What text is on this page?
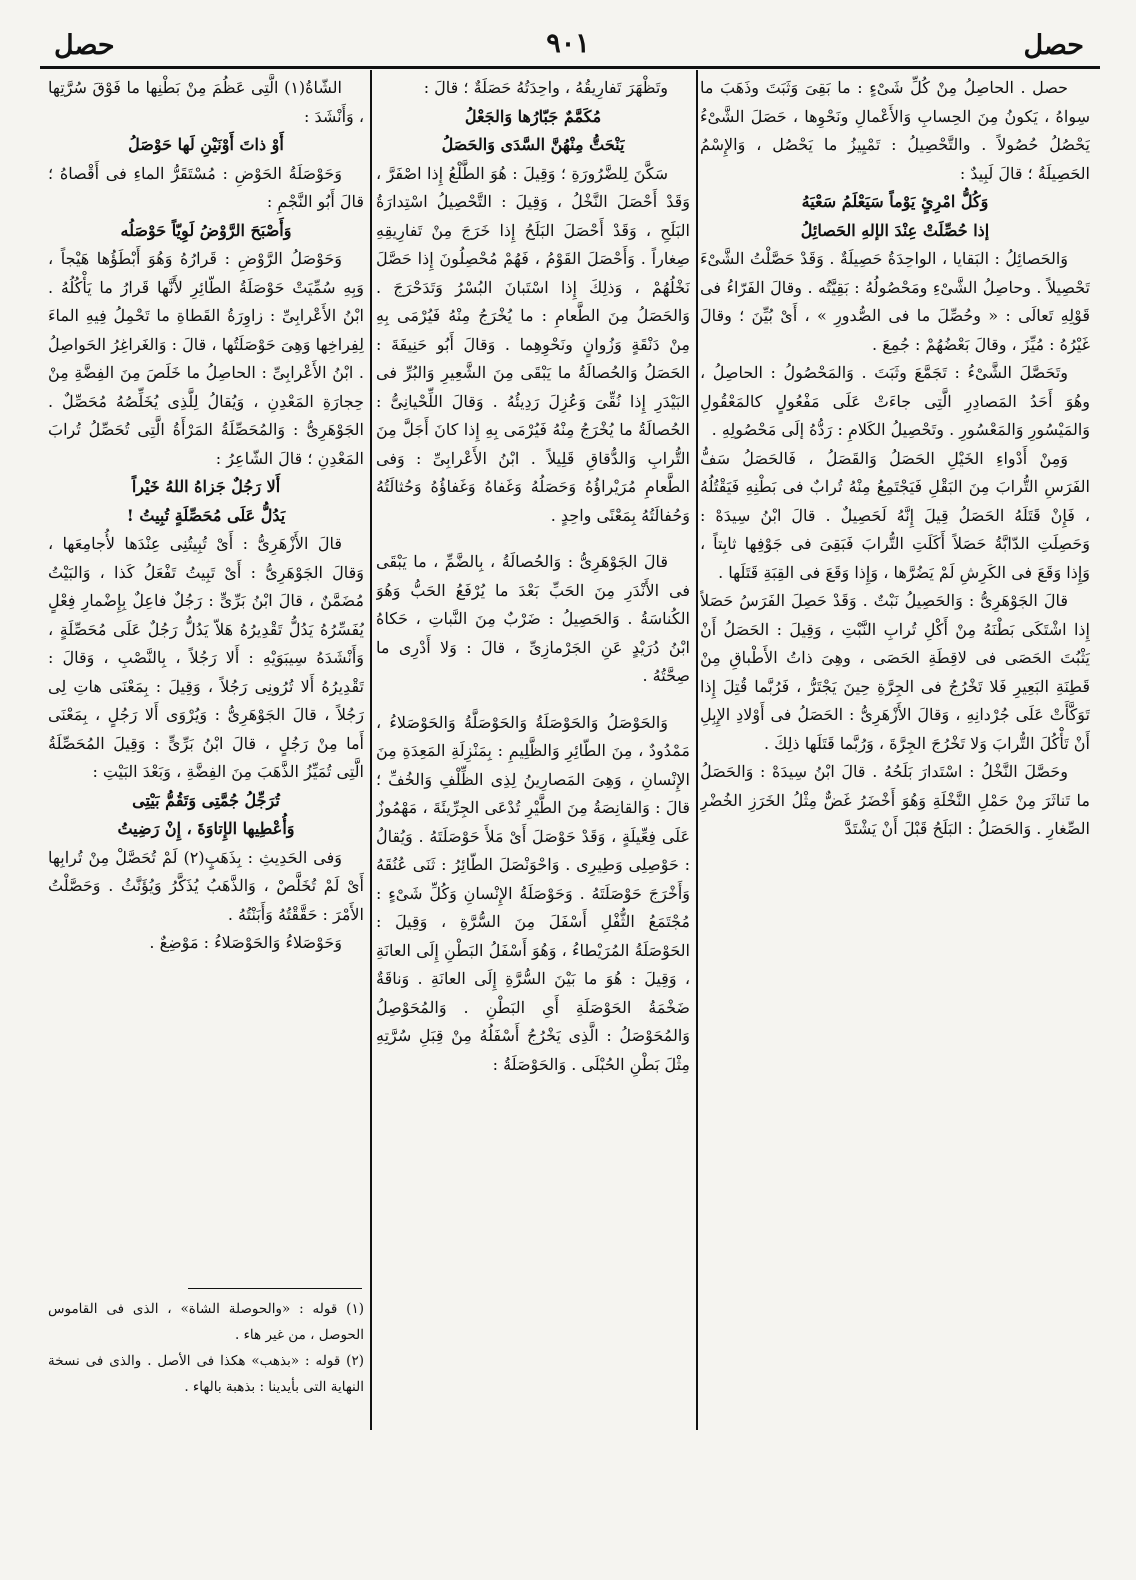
حصل
٩٠١
حصل

حصل . الحاصِلُ مِنْ كُلِّ شَىْءٍ : ما بَقِىَ وَثَبَتَ وذَهَبَ ما سِواهُ ، يَكونُ مِنَ الحِسابِ وَالأَعْمالِ ونَحْوِها ، حَصَلَ الشَّىْءُ يَحْصُلُ حُصُولاً . والتَّحْصِيلُ : تَمْيِيزُ ما يَحْصُل ، وَالإِسْمُ الحَصِيلَةُ ؛ قالَ لَبِيدٌ :

وَكُلُّ امْرِئٍ يَوْماً سَيَعْلَمُ سَعْيَهُ

إذا حُصِّلَتْ عِنْدَ الإلهِ الحَصائِلُ

وَالحَصائِلُ : البَقايا ، الواحِدَةُ حَصِيلَةٌ . وَقَدْ حَصَّلْتُ الشَّىْءَ تَحْصِيلاً . وحاصِلُ الشَّىْءِ ومَحْصُولُهُ : بَقِيَّتُه . وقالَ الفَرّاءُ فى قَوْلِهِ تَعالَى : « وحُصِّلَ ما فى الصُّدورِ » ، أَىْ بُيِّنَ ؛ وقالَ غَيْرُهُ : مُيِّزَ ، وقالَ بَعْضُهُمْ : جُمِعَ .

وتَحَصَّلَ الشَّىْءُ : تَجَمَّعَ وثَبَتَ . وَالمَحْصُولُ : الحاصِلُ ، وهُوَ أَحَدُ المَصادِرِ الَّتِى جاءَتْ عَلَى مَفْعُولٍ كالمَعْقُولِ وَالمَيْسُورِ وَالمَعْسُورِ . وتَحْصِيلُ الكَلامِ : رَدُّهُ إلَى مَحْصُولِهِ .

وَمِنْ أَدْواءِ الخَيْلِ الحَصَلُ وَالقَصَلُ ، فَالحَصَلُ سَفُّ الفَرَسِ التُّرابَ مِنَ البَقْلِ فَيَجْتَمِعُ مِنْهُ تُرابٌ فى بَطْنِهِ فَيَقْتُلُهُ ، فَإِنْ قَتَلَهُ الحَصَلُ قِيلَ إِنَّهُ لَحَصِيلٌ . قالَ ابْنُ سِيدَهْ : وَحَصِلَتِ الدّابَّةُ حَصَلاً أَكَلَتِ التُّرابَ فَبَقِىَ فى جَوْفِها ثابِتاً ، وَإِذا وَقَعَ فى الكَرِشِ لَمْ يَضُرَّها ، وَإِذا وَقَعَ فى القِبَةِ قَتَلَها .

قالَ الجَوْهَرِىُّ : وَالحَصِيلُ نَبْتٌ . وَقَدْ حَصِلَ الفَرَسُ حَصَلاً إِذا اشْتَكَى بَطْنَهُ مِنْ أَكْلِ تُرابِ النَّبْتِ ، وَقِيلَ : الحَصَلُ أَنْ يَثْبُتَ الحَصَى فى لاقِطَةِ الحَصَى ، وهِىَ ذاتُ الأَطْباقِ مِنْ قَطِنَةِ البَعِيرِ فَلا تَخْرُجُ فى الجِرَّةِ حِينَ يَجْتَرُّ ، فَرُبَّما قُتِلَ إِذا تَوَكَّأَتْ عَلَى جُرْدانِهِ ، وَقالَ الأَزْهَرِىُّ : الحَصَلُ فى أَوْلادِ الإِبِلِ أَنْ تَأْكُلَ التُّرابَ وَلا تَخْرُجَ الجِرَّةَ ، وَرُبَّما قَتَلَها ذلِكَ .

وحَصَّلَ النَّخْلُ : اسْتَدارَ بَلَحُهُ . قالَ ابْنُ سِيدَهْ : وَالحَصَلُ ما تَناثَرَ مِنْ حَمْلِ النَّخْلَةِ وَهُوَ أَخْضَرُ غَضٌّ مِثْلُ الخَرَزِ الخُضْرِ الصِّغارِ . وَالحَصَلُ : البَلَحُ قَبْلَ أَنْ يَشْتَدَّ

وتَظْهَرَ تَفارِيقُهُ ، واحِدَتُهُ حَصَلَةٌ ؛ قالَ :

مُكَمَّمٌ جَبّارُها وَالجَعْلُ

يَنْحَتُّ مِنْهُنَّ السَّدَى وَالحَصَلُ

سَكَّنَ لِلضَّرُورَةِ ؛ وَقِيلَ : هُوَ الطَّلْعُ إِذا اصْفَرَّ ، وَقَدْ أَحْصَلَ النَّخْلُ ، وَقِيلَ : التَّحْصِيلُ اسْتِدارَةُ البَلَحِ ، وَقَدْ أَحْصَلَ البَلَحُ إِذا خَرَجَ مِنْ تَفارِيقِهِ صِغاراً . وَأَحْصَلَ القَوْمُ ، فَهُمْ مُحْصِلُونَ إِذا حَصَّلَ نَخْلُهُمْ ، وَذلِكَ إِذا اسْتَبانَ البُسْرُ وَتَدَحْرَجَ . وَالحَصَلُ مِنَ الطَّعامِ : ما يُخْرَجُ مِنْهُ فَيُرْمَى بِهِ مِنْ دَنْقَةٍ وَزُوانٍ ونَحْوِهِما . وَقالَ أَبُو حَنِيفَةَ : الحَصَلُ وَالحُصالَةُ ما يَبْقَى مِنَ الشَّعِيرِ وَالبُرِّ فى البَيْدَرِ إِذا نُقِّىَ وَعُزِلَ رَدِيئُهُ . وَقالَ اللِّحْيانِىُّ : الحُصالَةُ ما يُخْرَجُ مِنْهُ فَيُرْمَى بِهِ إِذا كانَ أَجَلَّ مِنَ التُّرابِ وَالدُّقاقِ قَلِيلاً . ابْنُ الأَعْرابِىِّ : وَفى الطَّعامِ مُرَيْراؤُهُ وَحَصَلُهُ وَغَفاهُ وَغَفاؤُهُ وَحُثالَتُهُ وَحُفالَتُهُ بِمَعْنًى واحِدٍ .

قالَ الجَوْهَرِىُّ : وَالحُصالَةُ ، بِالضَّمِّ ، ما يَبْقَى فى الأَنْدَرِ مِنَ الحَبِّ بَعْدَ ما يُرْفَعُ الحَبُّ وَهُوَ الكُناسَةُ . وَالحَصِيلُ : ضَرْبٌ مِنَ النَّباتِ ، حَكاهُ ابْنُ دُرَيْدٍ عَنِ الجَرْمازِىِّ ، قالَ : وَلا أَدْرِى ما صِحَّتُهُ .

وَالحَوْصَلُ وَالحَوْصَلَةُ وَالحَوْصَلَّةُ وَالحَوْصَلاءُ ، مَمْدُودٌ ، مِنَ الطّائِرِ وَالظَّلِيمِ : بِمَنْزِلَةِ المَعِدَةِ مِنَ الإِنْسانِ ، وَهِىَ المَصارِينُ لِذِى الظِّلْفِ وَالخُفِّ ؛ قالَ : وَالقانِصَةُ مِنَ الطَّيْرِ تُدْعَى الجِرِّيئَةَ ، مَهْمُوزٌ عَلَى فِعِّيلَةٍ ، وَقَدْ حَوْصَلَ أَىْ مَلأَ حَوْصَلَتَهُ . وَيُقالُ : حَوْصِلِى وَطِيرِى . وَاحْوَنْصَلَ الطّائِرُ : ثَنَى عُنُقَهُ وَأَخْرَجَ حَوْصَلَتَهُ . وَحَوْصَلَةُ الإِنْسانِ وَكُلِّ شَىْءٍ : مُجْتَمَعُ الثُّفْلِ أَسْفَلَ مِنَ السُّرَّةِ ، وَقِيلَ : الحَوْصَلَةُ المُرَيْطاءُ ، وَهُوَ أَسْفَلُ البَطْنِ إِلَى العانَةِ ، وَقِيلَ : هُوَ ما بَيْنَ السُّرَّةِ إِلَى العانَةِ . وَناقَةٌ ضَخْمَةُ الحَوْصَلَةِ أَىِ البَطْنِ . وَالمُحَوْصِلُ وَالمُحَوْصَلُ : الَّذِى يَخْرُجُ أَسْفَلُهُ مِنْ قِبَلِ سُرَّتِهِ مِثْلَ بَطْنِ الحُبْلَى . وَالحَوْصَلَةُ :

الشّاةُ(١) الَّتِى عَظُمَ مِنْ بَطْنِها ما فَوْقَ سُرَّتِها ، وَأَنْشَدَ :

أَوْ ذاتَ أَوْنَيْنِ لَها حَوْصَلُ

وَحَوْصَلَةُ الحَوْضِ : مُسْتَقَرُّ الماءِ فى أَقْصاهُ ؛ قالَ أَبُو النَّجْمِ :

وَأَصْبَحَ الرَّوْضُ لَوِيّاً حَوْصَلُه

وَحَوْصَلُ الرَّوْضِ : قَرارُهُ وَهُوَ أَبْطَؤُها هَيْجاً ، وَبِهِ سُمِّيَتْ حَوْصَلَةُ الطّائِرِ لأَنَّها قَرارُ ما يَأْكُلُهُ . ابْنُ الأَعْرابِىِّ : زاوِرَةُ القَطاةِ ما تَحْمِلُ فِيهِ الماءَ لِفِراخِها وَهِىَ حَوْصَلَتُها ، قالَ : وَالغَراغِرُ الحَواصِلُ . ابْنُ الأَعْرابِىِّ : الحاصِلُ ما خَلَصَ مِنَ الفِضَّةِ مِنْ حِجارَةِ المَعْدِنِ ، وَيُقالُ لِلَّذِى يُخَلِّصُهُ مُحَصِّلٌ . الجَوْهَرِىُّ : وَالمُحَصِّلَةُ المَرْأَةُ الَّتِى تُحَصِّلُ تُرابَ المَعْدِنِ ؛ قالَ الشّاعِرُ :

أَلا رَجُلٌ جَزاهُ اللهُ خَيْراً

يَدُلُّ عَلَى مُحَصِّلَةٍ تُبِيتُ !

قالَ الأَزْهَرِىُّ : أَىْ تُبِيتُنِى عِنْدَها لأُجامِعَها ، وَقالَ الجَوْهَرِىُّ : أَىْ تَبِيتُ تَفْعَلُ كَذا ، وَالبَيْتُ مُضَمَّنٌ ، قالَ ابْنُ بَرِّىٍّ : رَجُلٌ فاعِلٌ بِإِضْمارِ فِعْلٍ يُفَسِّرُهُ يَدُلُّ تَقْدِيرُهُ هَلاّ يَدُلُّ رَجُلٌ عَلَى مُحَصِّلَةٍ ، وَأَنْشَدَهُ سِيبَوَيْهِ : أَلا رَجُلاً ، بِالنَّصْبِ ، وَقالَ : تَقْدِيرُهُ أَلا تُرُونِى رَجُلاً ، وَقِيلَ : بِمَعْنَى هاتِ لِى رَجُلاً ، قالَ الجَوْهَرِىُّ : وَيُرْوَى أَلا رَجُلٍ ، بِمَعْنَى أَما مِنْ رَجُلٍ ، قالَ ابْنُ بَرِّىٍّ : وَقِيلَ المُحَصِّلَةُ الَّتِى تُمَيِّزُ الذَّهَبَ مِنَ الفِضَّةِ ، وَبَعْدَ البَيْتِ :

تُرَجِّلُ جُمَّتِى وَتَقُمُّ بَيْتِى

وَأُعْطِيها الإِتاوَةَ ، إِنْ رَضِيتُ

وَفى الحَدِيثِ : بِذَهَبٍ(٢) لَمْ تُحَصَّلْ مِنْ تُرابِها أَىْ لَمْ تُخَلَّصْ ، وَالذَّهَبُ يُذَكَّرُ وَيُؤَنَّثُ . وَحَصَّلْتُ الأَمْرَ : حَقَّقْتُهُ وَأَبَنْتُهُ .

وَحَوْصَلاءُ وَالحَوْصَلاءُ : مَوْضِعٌ .

(١) قوله : «والحوصلة الشاة» ، الذى فى القاموس الحوصل ، من غير هاء .

(٢) قوله : «بذهب» هكذا فى الأصل . والذى فى نسخة النهاية التى بأيدينا : بذهبة بالهاء .
